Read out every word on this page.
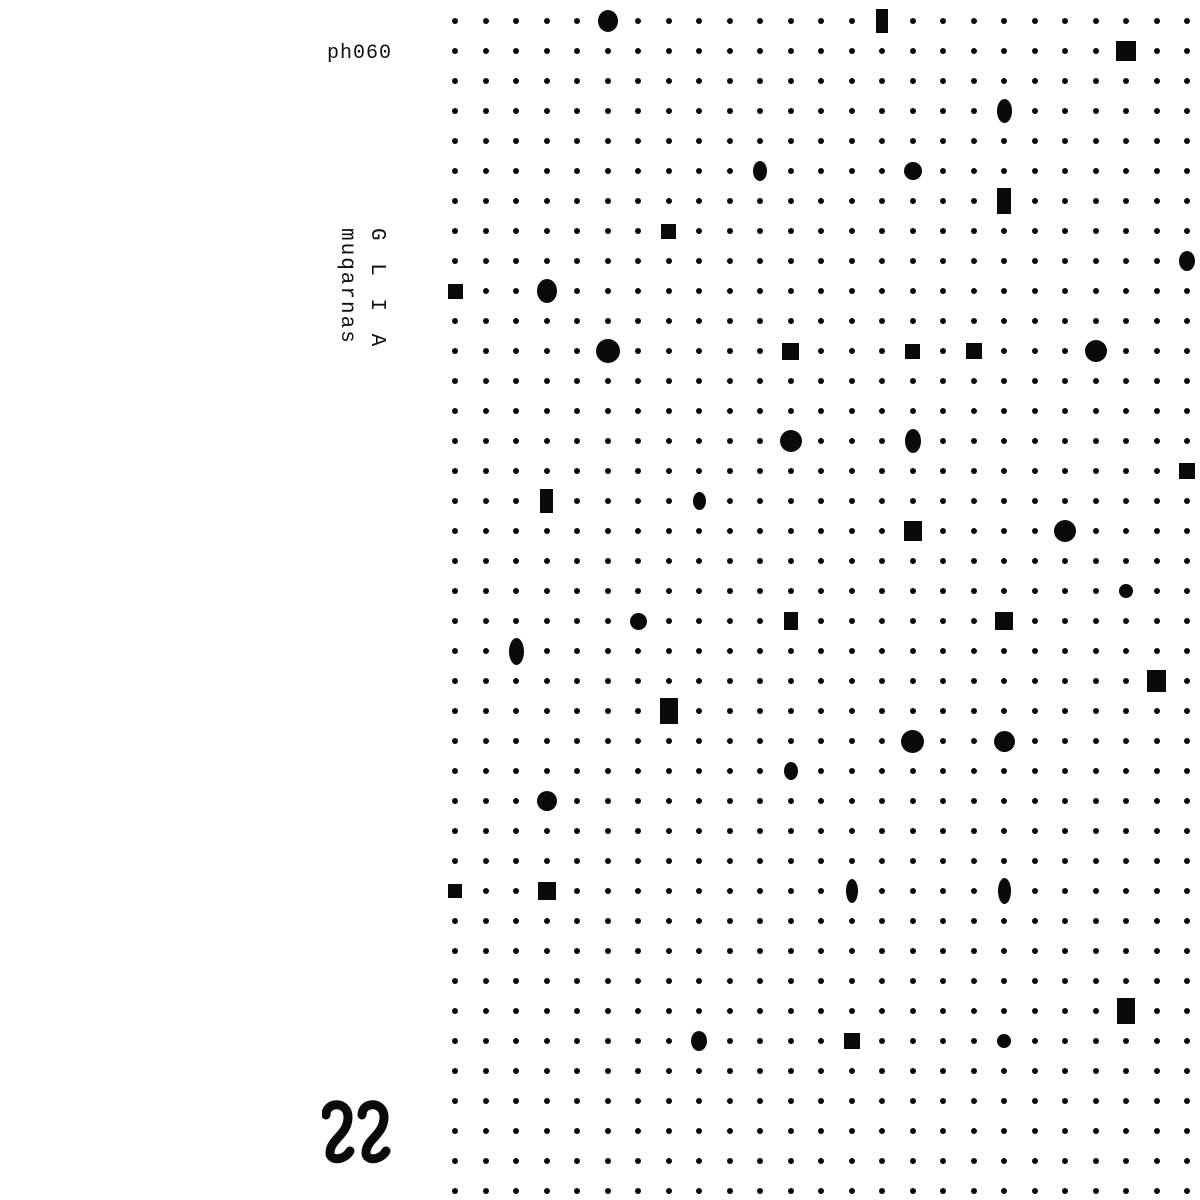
ph060
G L I A
muqarnas
